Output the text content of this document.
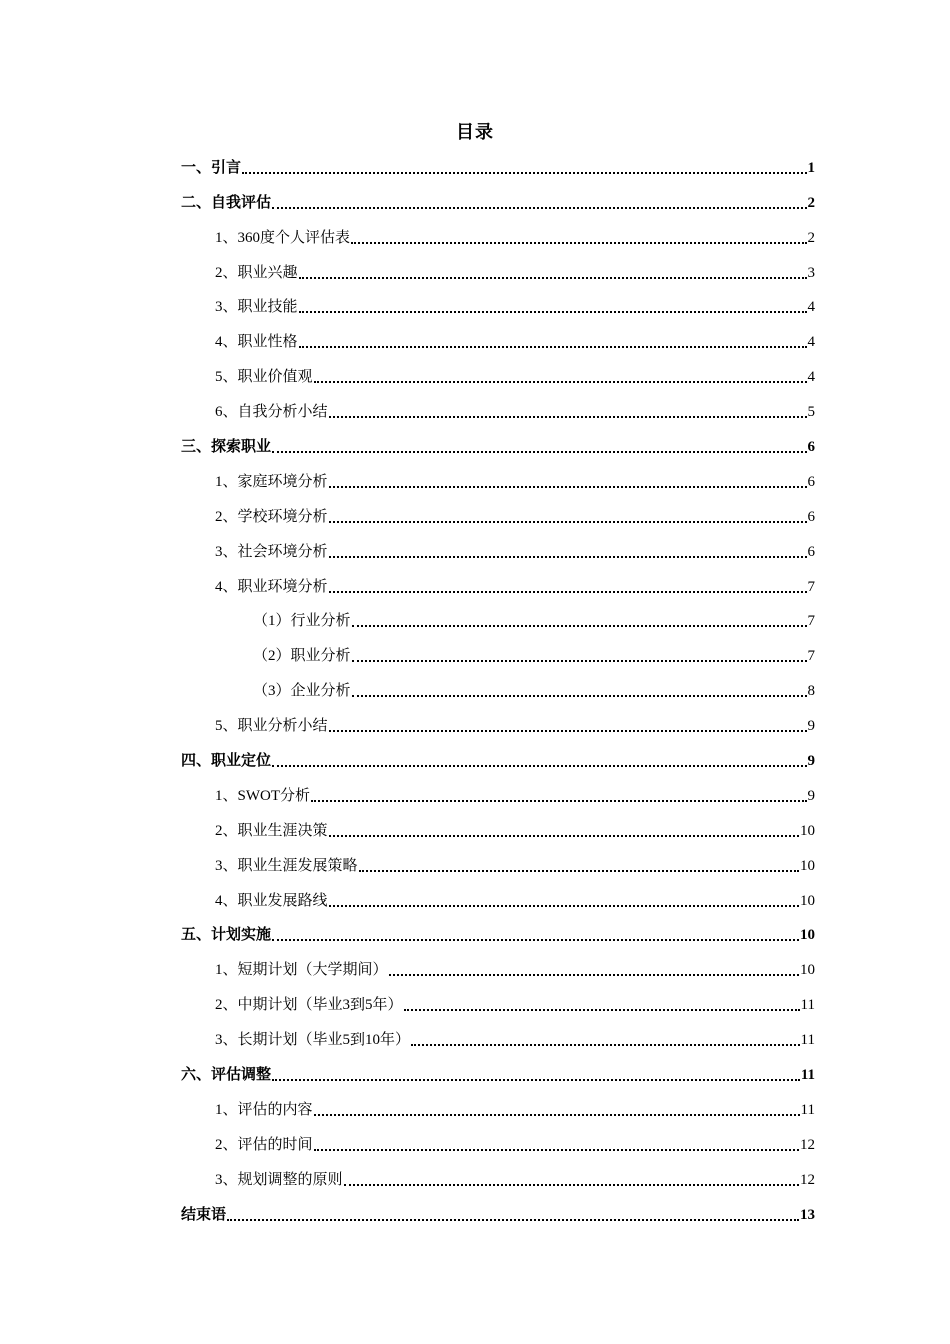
目录
一、引言	1
二、自我评估	2
1、360度个人评估表	2
2、职业兴趣	3
3、职业技能	4
4、职业性格	4
5、职业价值观	4
6、自我分析小结	5
三、探索职业	6
1、家庭环境分析	6
2、学校环境分析	6
3、社会环境分析	6
4、职业环境分析	7
（1）行业分析	7
（2）职业分析	7
（3）企业分析	8
5、职业分析小结	9
四、职业定位	9
1、SWOT分析	9
2、职业生涯决策	10
3、职业生涯发展策略	10
4、职业发展路线	10
五、计划实施	10
1、短期计划（大学期间）	10
2、中期计划（毕业3到5年）	11
3、长期计划（毕业5到10年）	11
六、评估调整	11
1、评估的内容	11
2、评估的时间	12
3、规划调整的原则	12
结束语	13
